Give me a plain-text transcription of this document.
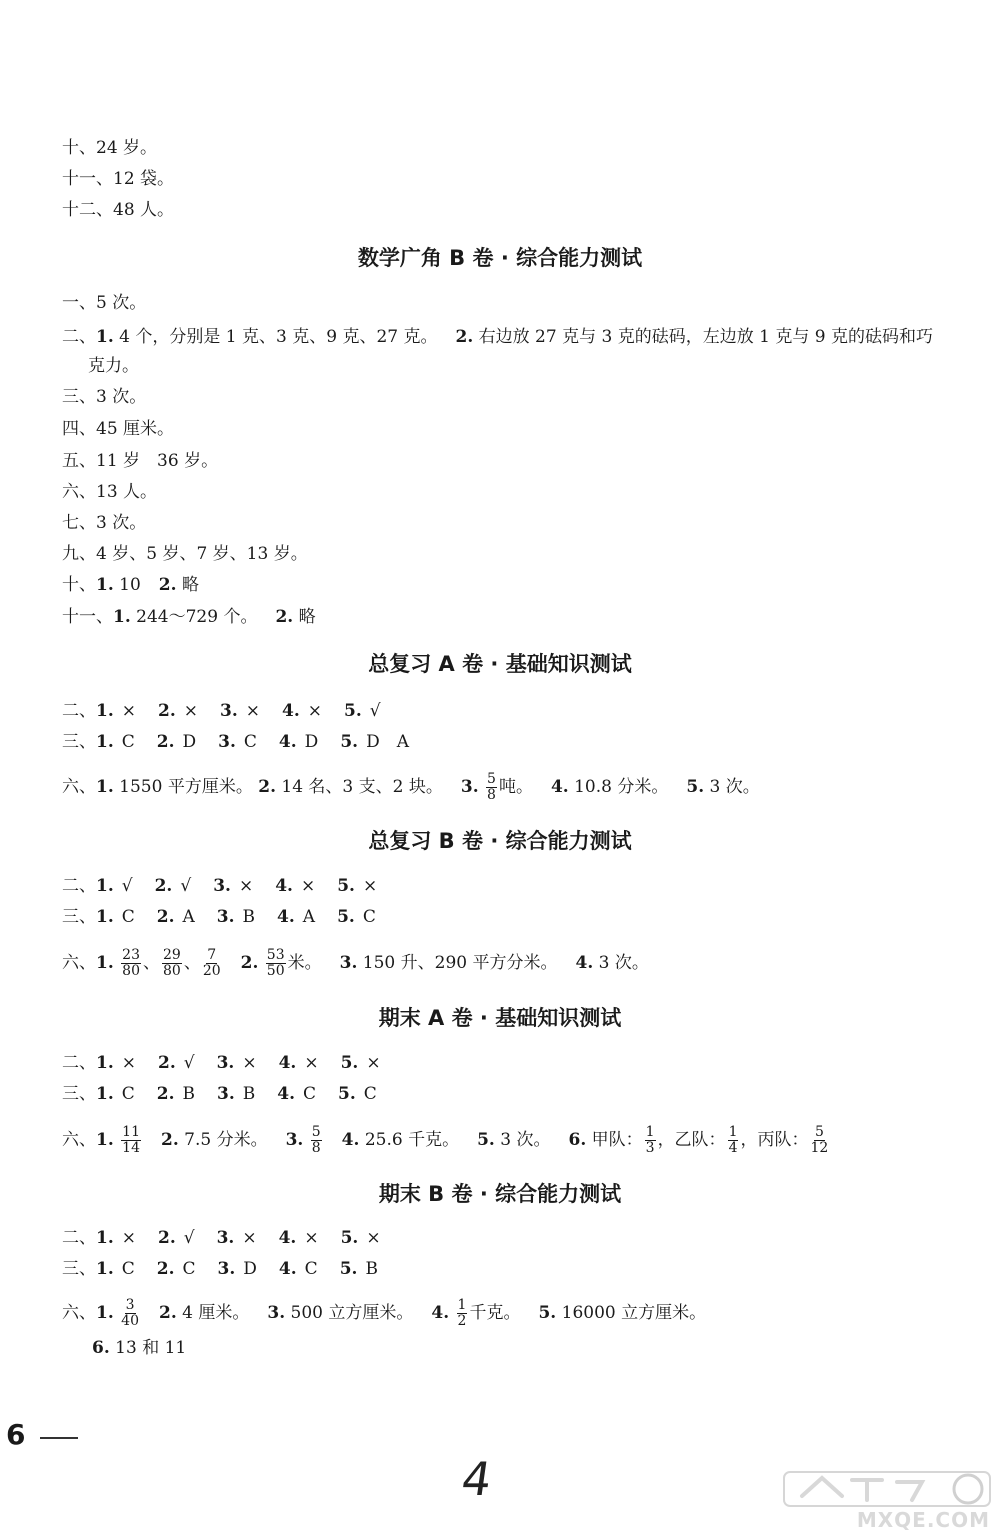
十、24 岁。
十一、12 袋。
十二、48 人。
数学广角 B 卷 · 综合能力测试
一、5 次。
二、1. 4 个，分别是 1 克、3 克、9 克、27 克。 2. 右边放 27 克与 3 克的砝码，左边放 1 克与 9 克的砝码和巧
克力。
三、3 次。
四、45 厘米。
五、11 岁　36 岁。
六、13 人。
七、3 次。
九、4 岁、5 岁、7 岁、13 岁。
十、1. 10 2. 略
十一、1. 244～729 个。 2. 略
总复习 A 卷 · 基础知识测试
二、1. × 2. × 3. × 4. × 5. √
三、1. C 2. D 3. C 4. D 5. D　A
六、1. 1550 平方厘米。 2. 14 名、3 支、2 块。 3. $\frac{5}{8}$ 吨。 4. 10.8 分米。 5. 3 次。
总复习 B 卷 · 综合能力测试
二、1. √ 2. √ 3. × 4. × 5. ×
三、1. C 2. A 3. B 4. A 5. C
六、1. $\frac{23}{80}$ 、 $\frac{29}{80}$ 、 $\frac{7}{20} 2$. $\frac{53}{50}$ 米。 3. 150 升、290 平方分米。 4. 3 次。
期末 A 卷 · 基础知识测试
二、1. × 2. √ 3. × 4. × 5. ×
三、1. C 2. B 3. B 4. C 5. C
六、1. $\frac{11}{14} 2$. 7.5 分米。 3. $\frac{5}{8} 4$. 25.6 千克。 5. 3 次。 6. 甲队： $\frac{1}{3}$ ，乙队： $\frac{1}{4}$ ，丙队： $\frac{5}{12}$
期末 B 卷 · 综合能力测试
二、1. × 2. √ 3. × 4. × 5. ×
三、1. C 2. C 3. D 4. C 5. B
六、1. $\frac{3}{40} 2$. 4 厘米。 3. 500 立方厘米。 4. $\frac{1}{2}$ 千克。 5. 16000 立方厘米。
6. 13 和 11
6
4
MXQE.COM
